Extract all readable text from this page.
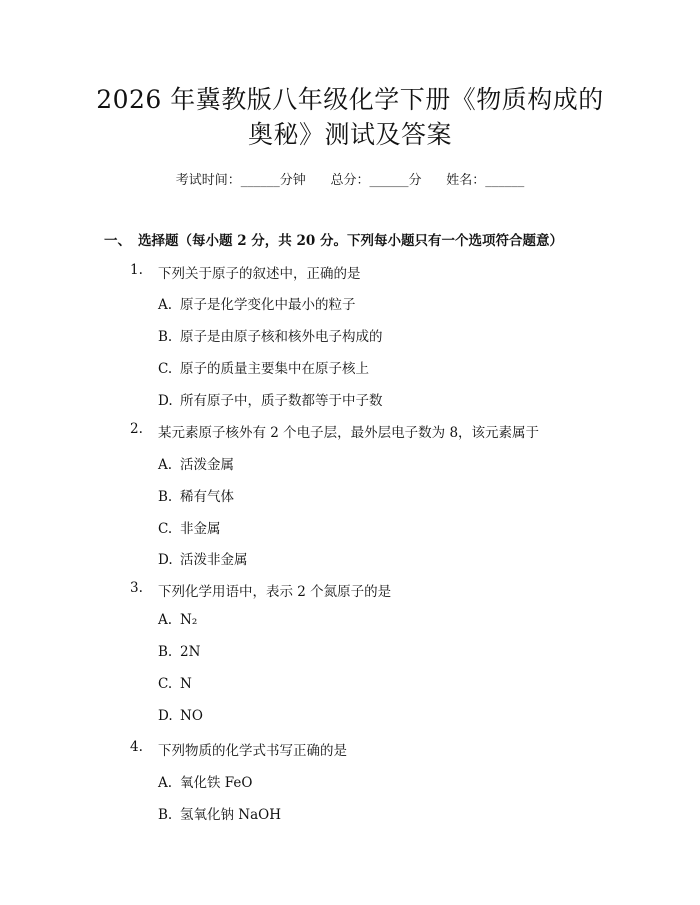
2026 年冀教版八年级化学下册《物质构成的
奥秘》测试及答案
考试时间：______分钟      总分：______分      姓名：______
一、 选择题（每小题 2 分，共 20 分。下列每小题只有一个选项符合题意）
1. 下列关于原子的叙述中，正确的是
A. 原子是化学变化中最小的粒子
B. 原子是由原子核和核外电子构成的
C. 原子的质量主要集中在原子核上
D. 所有原子中，质子数都等于中子数
2. 某元素原子核外有 2 个电子层，最外层电子数为 8，该元素属于
A. 活泼金属
B. 稀有气体
C. 非金属
D. 活泼非金属
3. 下列化学用语中，表示 2 个氮原子的是
A. N₂
B. 2N
C. N
D. NO
4. 下列物质的化学式书写正确的是
A. 氧化铁 FeO
B. 氢氧化钠 NaOH
